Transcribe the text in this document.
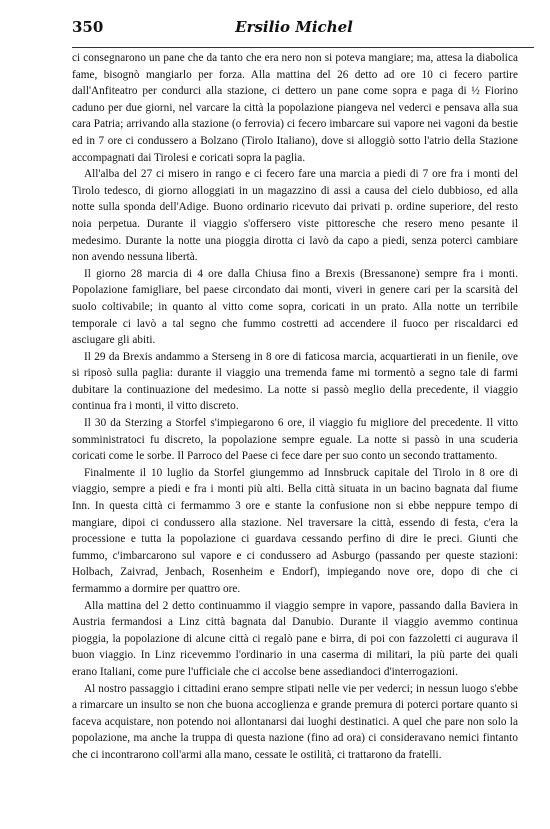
350	Ersilio Michel

ci consegnarono un pane che da tanto che era nero non si poteva mangiare; ma, attesa la diabolica fame, bisognò mangiarlo per forza. Alla mattina del 26 detto ad ore 10 ci fecero partire dall'Anfiteatro per condurci alla stazione, ci dettero un pane come sopra e paga di ½ Fiorino caduno per due giorni, nel varcare la città la popolazione piangeva nel vederci e pensava alla sua cara Patria; arrivando alla stazione (o ferrovia) ci fecero imbarcare sui vapore nei vagoni da bestie ed in 7 ore ci condussero a Bolzano (Tirolo Italiano), dove si alloggiò sotto l'atrio della Stazione accompagnati dai Tirolesi e coricati sopra la paglia.

All'alba del 27 ci misero in rango e ci fecero fare una marcia a piedi di 7 ore fra i monti del Tirolo tedesco, di giorno alloggiati in un magazzino di assi a causa del cielo dubbioso, ed alla notte sulla sponda dell'Adige. Buono ordinario ricevuto dai privati p. ordine superiore, del resto noia perpetua. Durante il viaggio s'offersero viste pittoresche che resero meno pesante il medesimo. Durante la notte una pioggia dirotta ci lavò da capo a piedi, senza poterci cambiare non avendo nessuna libertà.

Il giorno 28 marcia di 4 ore dalla Chiusa fino a Brexis (Bressanone) sempre fra i monti. Popolazione famigliare, bel paese circondato dai monti, viveri in genere cari per la scarsità del suolo coltivabile; in quanto al vitto come sopra, coricati in un prato. Alla notte un terribile temporale ci lavò a tal segno che fummo costretti ad accendere il fuoco per riscaldarci ed asciugare gli abiti.

Il 29 da Brexis andammo a Sterseng in 8 ore di faticosa marcia, acquartierati in un fienile, ove si riposò sulla paglia: durante il viaggio una tremenda fame mi tormentò a segno tale di farmi dubitare la continuazione del medesimo. La notte si passò meglio della precedente, il viaggio continua fra i monti, il vitto discreto.

Il 30 da Sterzing a Storfel s'impiegarono 6 ore, il viaggio fu migliore del precedente. Il vitto somministratoci fu discreto, la popolazione sempre eguale. La notte si passò in una scuderia coricati come le sorbe. Il Parroco del Paese ci fece dare per suo conto un secondo trattamento.

Finalmente il 10 luglio da Storfel giungemmo ad Innsbruck capitale del Tirolo in 8 ore di viaggio, sempre a piedi e fra i monti più alti. Bella città situata in un bacino bagnata dal fiume Inn. In questa città ci fermammo 3 ore e stante la confusione non si ebbe neppure tempo di mangiare, dipoi ci condussero alla stazione. Nel traversare la città, essendo di festa, c'era la processione e tutta la popolazione ci guardava cessando perfino di dire le preci. Giunti che fummo, c'imbarcarono sul vapore e ci condussero ad Asburgo (passando per queste stazioni: Holbach, Zaivrad, Jenbach, Rosenheim e Endorf), impiegando nove ore, dopo di che ci fermammo a dormire per quattro ore.

Alla mattina del 2 detto continuammo il viaggio sempre in vapore, passando dalla Baviera in Austria fermandosi a Linz città bagnata dal Danubio. Durante il viaggio avemmo continua pioggia, la popolazione di alcune città ci regalò pane e birra, di poi con fazzoletti ci augurava il buon viaggio. In Linz ricevemmo l'ordinario in una caserma di militari, la più parte dei quali erano Italiani, come pure l'ufficiale che ci accolse bene assediandoci d'interrogazioni.

Al nostro passaggio i cittadini erano sempre stipati nelle vie per vederci; in nessun luogo s'ebbe a rimarcare un insulto se non che buona accoglienza e grande premura di poterci portare quanto si faceva acquistare, non potendo noi allontanarsi dai luoghi destinatici. A quel che pare non solo la popolazione, ma anche la truppa di questa nazione (fino ad ora) ci consideravano nemici fintanto che ci incontrarono coll'armi alla mano, cessate le ostilità, ci trattarono da fratelli.
